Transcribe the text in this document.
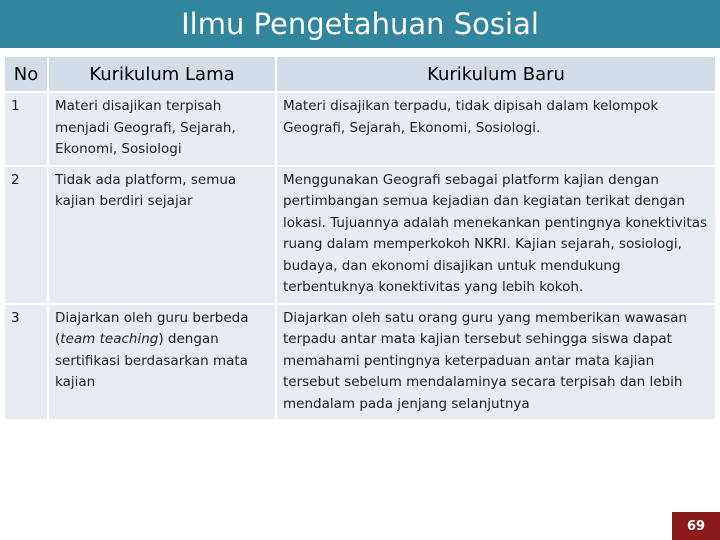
Ilmu Pengetahuan Sosial
No	Kurikulum Lama	Kurikulum Baru
1	Materi disajikan terpisah menjadi Geografi, Sejarah, Ekonomi, Sosiologi	Materi disajikan terpadu, tidak dipisah dalam kelompok Geografi, Sejarah, Ekonomi, Sosiologi.
2	Tidak ada platform, semua kajian berdiri sejajar	Menggunakan Geografi sebagai platform kajian dengan pertimbangan semua kejadian dan kegiatan terikat dengan lokasi. Tujuannya adalah menekankan pentingnya konektivitas ruang dalam memperkokoh NKRI. Kajian sejarah, sosiologi, budaya, dan ekonomi disajikan untuk mendukung terbentuknya konektivitas yang lebih kokoh.
3	Diajarkan oleh guru berbeda (team teaching) dengan sertifikasi berdasarkan mata kajian	Diajarkan oleh satu orang guru yang memberikan wawasan terpadu antar mata kajian tersebut sehingga siswa dapat memahami pentingnya keterpaduan antar mata kajian tersebut sebelum mendalaminya secara terpisah dan lebih mendalam pada jenjang selanjutnya
69
